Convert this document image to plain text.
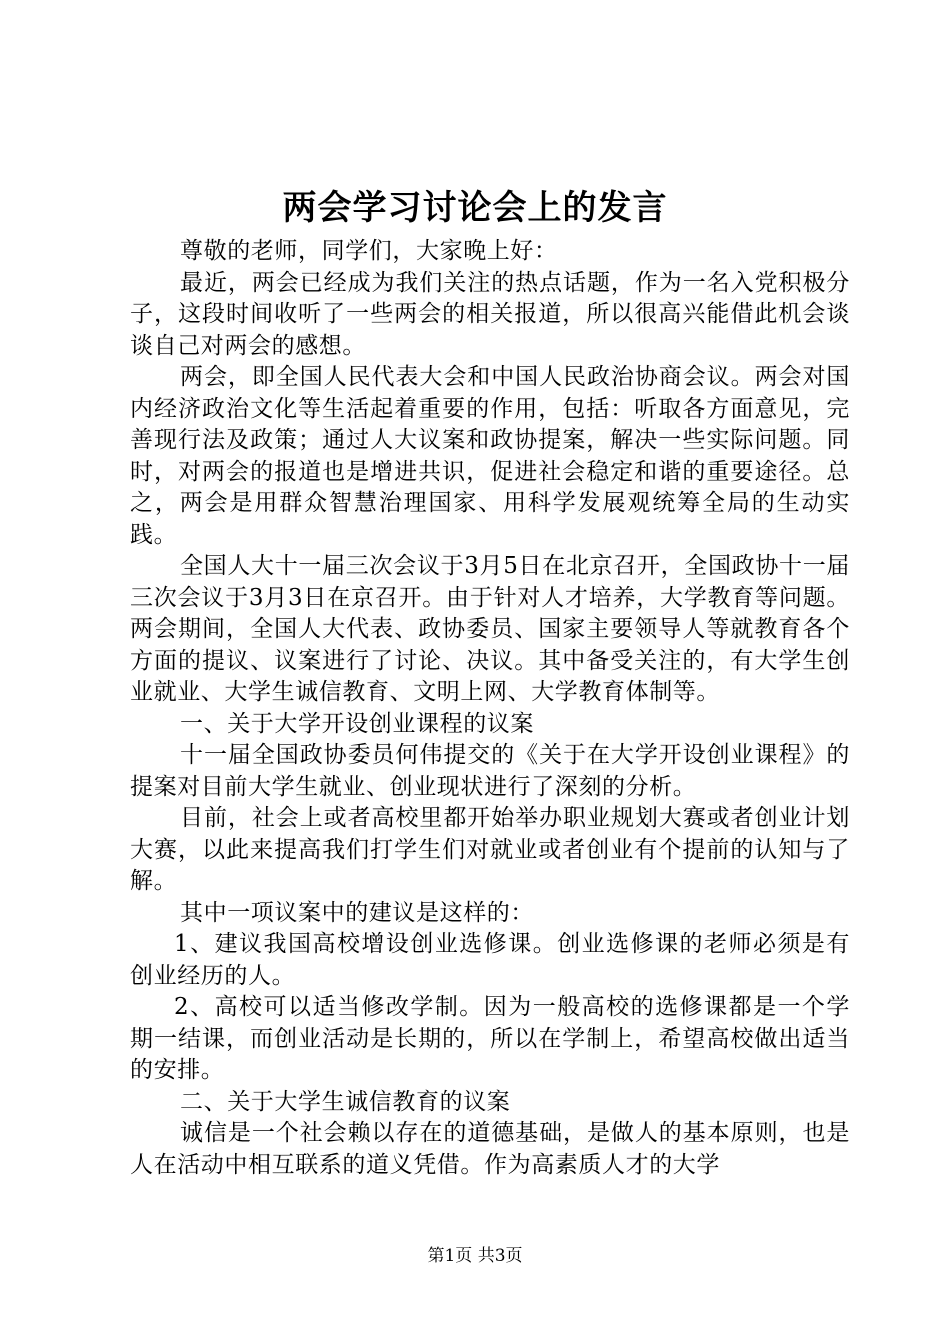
两会学习讨论会上的发言

尊敬的老师，同学们，大家晚上好：

最近，两会已经成为我们关注的热点话题，作为一名入党积极分子，这段时间收听了一些两会的相关报道，所以很高兴能借此机会谈谈自己对两会的感想。

两会，即全国人民代表大会和中国人民政治协商会议。两会对国内经济政治文化等生活起着重要的作用，包括：听取各方面意见，完善现行法及政策；通过人大议案和政协提案，解决一些实际问题。同时，对两会的报道也是增进共识，促进社会稳定和谐的重要途径。总之，两会是用群众智慧治理国家、用科学发展观统筹全局的生动实践。

全国人大十一届三次会议于3月5日在北京召开，全国政协十一届三次会议于3月3日在京召开。由于针对人才培养，大学教育等问题。两会期间，全国人大代表、政协委员、国家主要领导人等就教育各个方面的提议、议案进行了讨论、决议。其中备受关注的，有大学生创业就业、大学生诚信教育、文明上网、大学教育体制等。

一、关于大学开设创业课程的议案

十一届全国政协委员何伟提交的《关于在大学开设创业课程》的提案对目前大学生就业、创业现状进行了深刻的分析。

目前，社会上或者高校里都开始举办职业规划大赛或者创业计划大赛，以此来提高我们打学生们对就业或者创业有个提前的认知与了解。

其中一项议案中的建议是这样的：

1、建议我国高校增设创业选修课。创业选修课的老师必须是有创业经历的人。

2、高校可以适当修改学制。因为一般高校的选修课都是一个学期一结课，而创业活动是长期的，所以在学制上，希望高校做出适当的安排。

二、关于大学生诚信教育的议案

诚信是一个社会赖以存在的道德基础，是做人的基本原则，也是人在活动中相互联系的道义凭借。作为高素质人才的大学

第1页 共3页
